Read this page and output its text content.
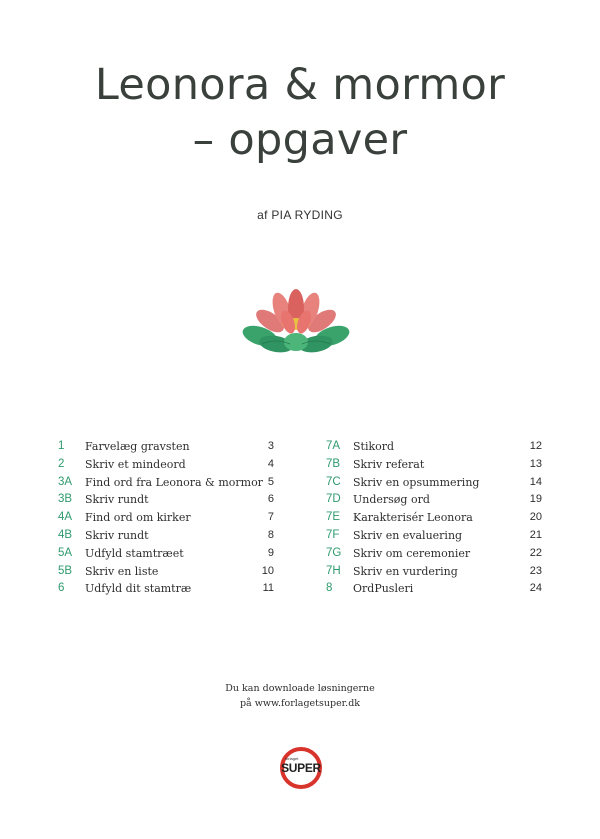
Leonora & mormor
– opgaver
af PIA RYDING
1 Farvelæg gravsten	3
2 Skriv et mindeord	4
3A Find ord fra Leonora & mormor 5
3B Skriv rundt	6
4A Find ord om kirker	7
4B Skriv rundt	8
5A Udfyld stamtræet	9
5B Skriv en liste	10
6 Udfyld dit stamtræ	11
7A Stikord	12
7B Skriv referat	13
7C Skriv en opsummering	14
7D Undersøg ord	19
7E Karakterisér Leonora	20
7F Skriv en evaluering	21
7G Skriv om ceremonier	22
7H Skriv en vurdering	23
8 OrdPusleri	24
Du kan downloade løsningerne
på www.forlagetsuper.dk
forlaget
SUPER
